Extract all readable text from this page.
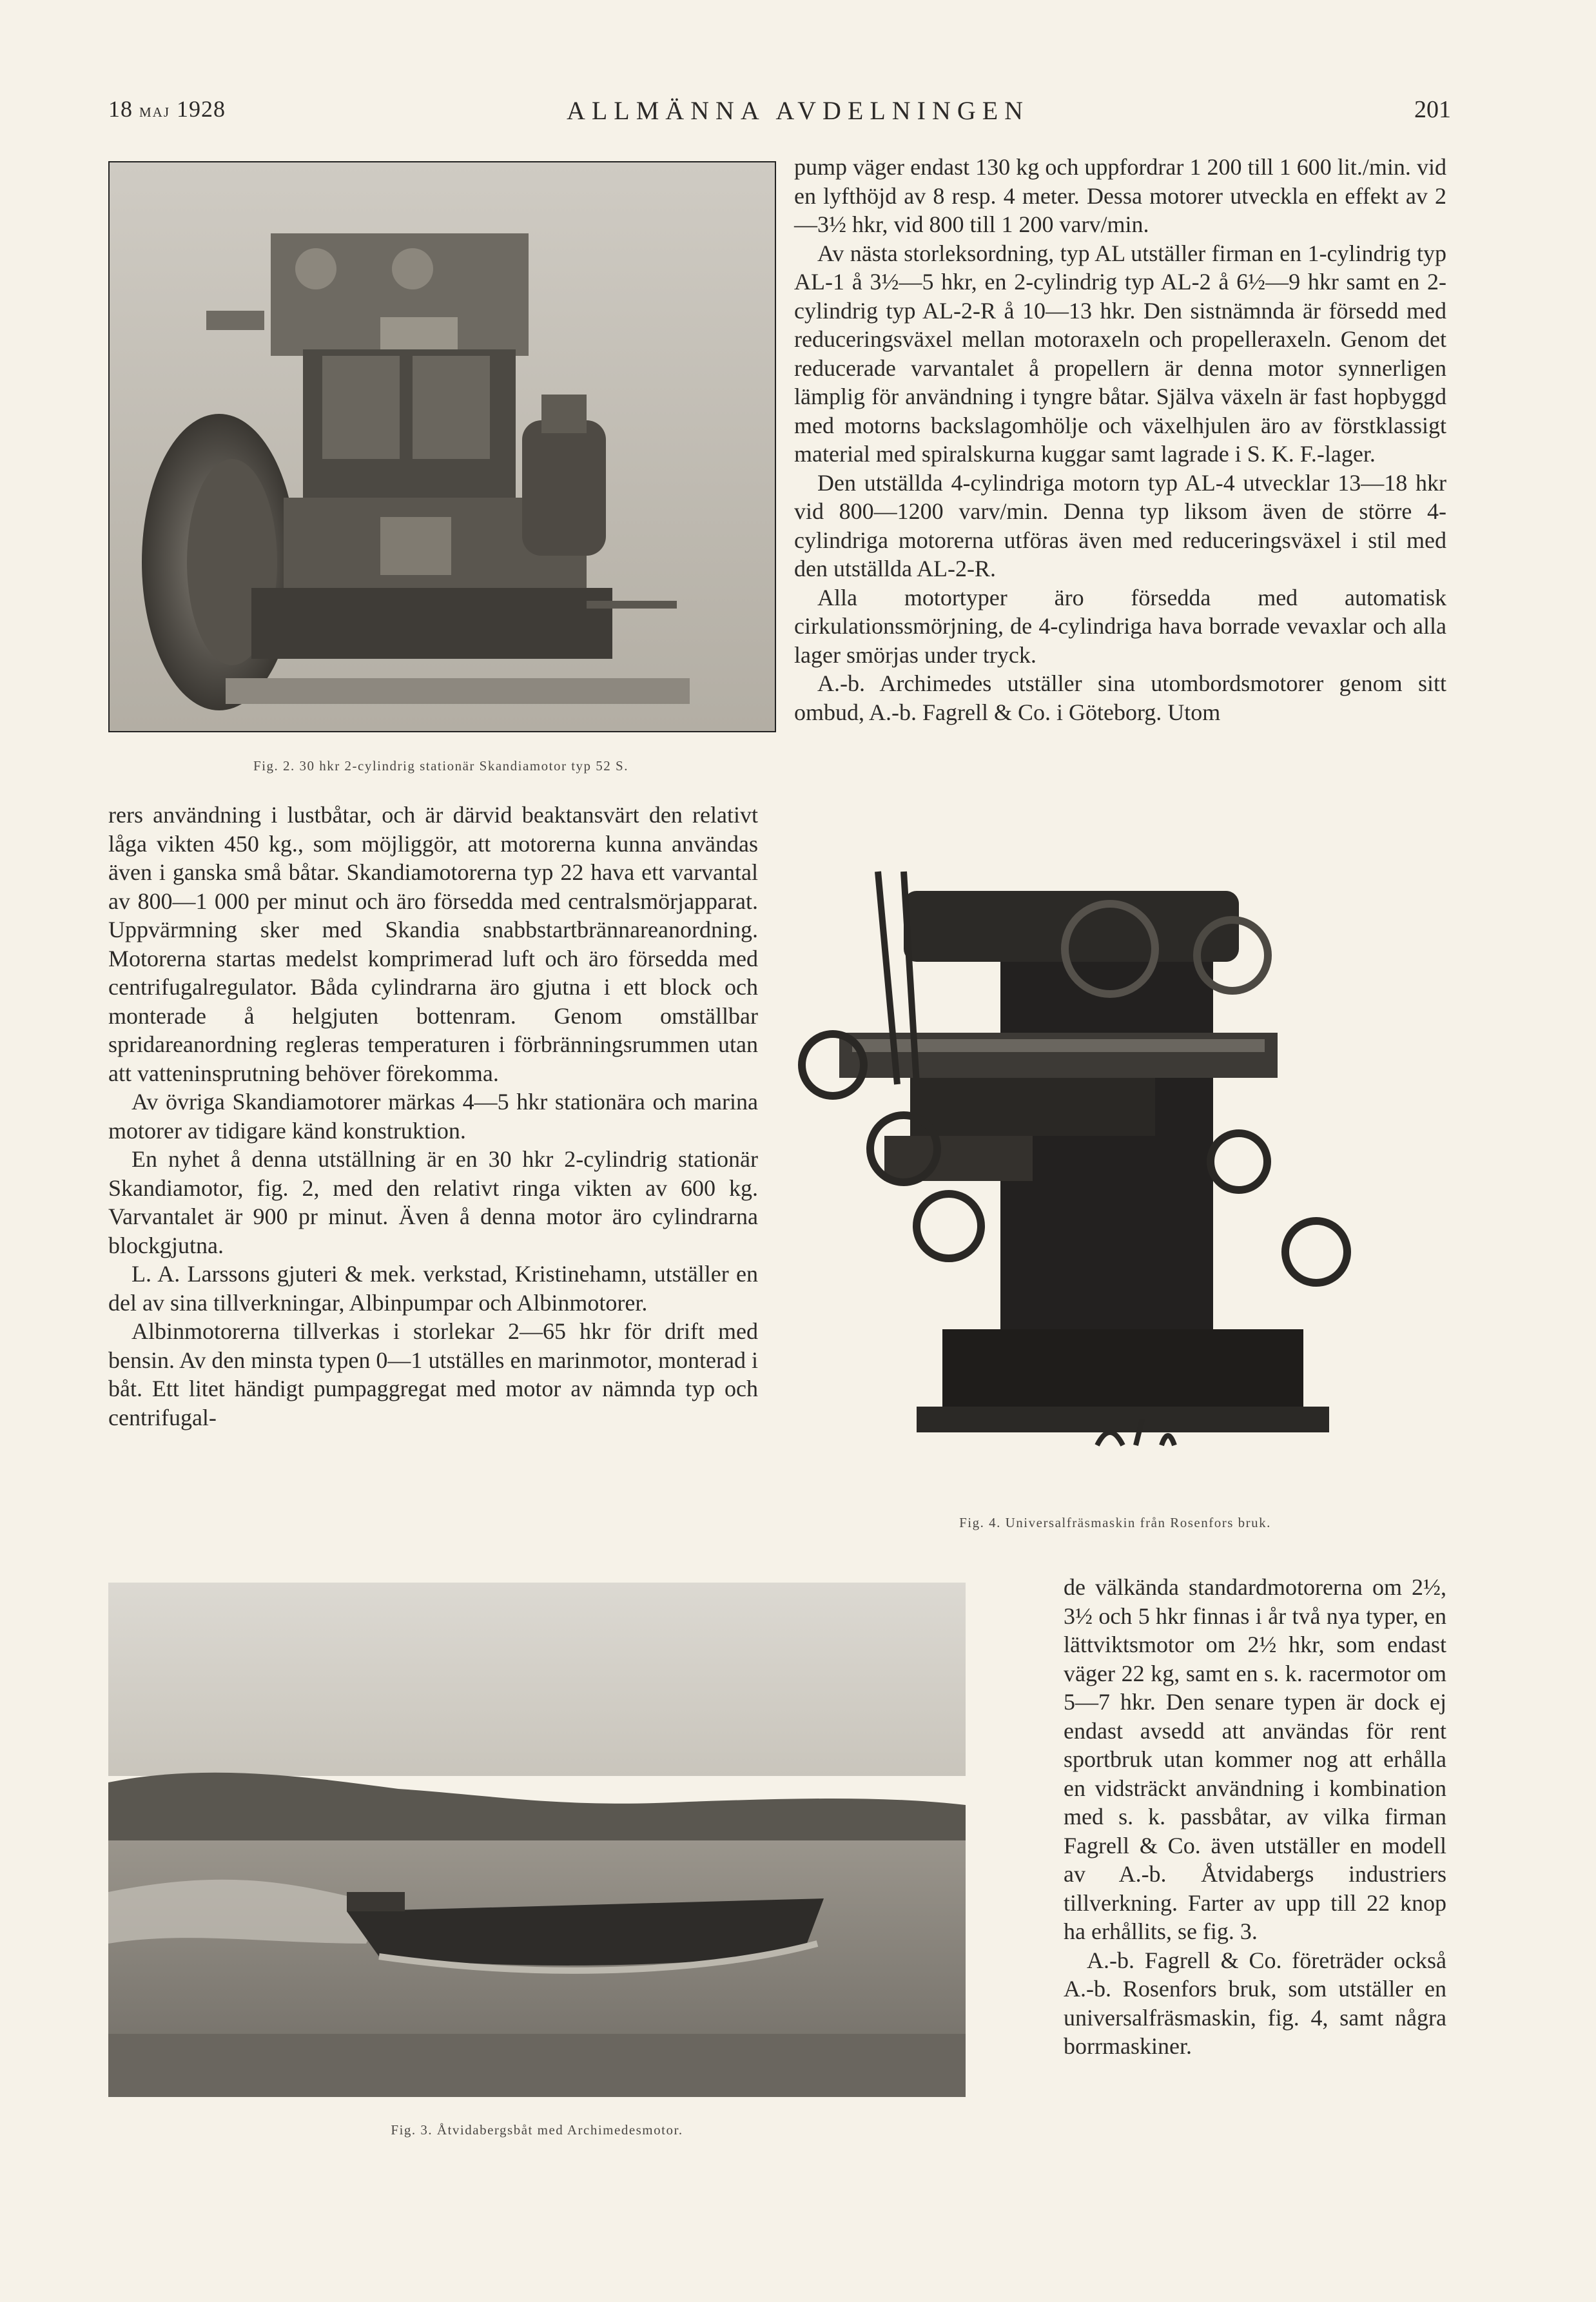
18 maj 1928	ALLMÄNNA AVDELNINGEN	201
Fig. 2. 30 hkr 2-cylindrig stationär Skandiamotor typ 52 S.

rers användning i lustbåtar, och är därvid beaktansvärt den relativt låga vikten 450 kg., som möjliggör, att motorerna kunna användas även i ganska små båtar. Skandiamotorerna typ 22 hava ett varvantal av 800—1 000 per minut och äro försedda med centralsmörjapparat. Uppvärmning sker med Skandia snabbstartbrännareanordning. Motorerna startas medelst komprimerad luft och äro försedda med centrifugalregulator. Båda cylindrarna äro gjutna i ett block och monterade å helgjuten bottenram. Genom omställbar spridareanordning regleras temperaturen i förbränningsrummen utan att vatteninsprutning behöver förekomma.

Av övriga Skandiamotorer märkas 4—5 hkr stationära och marina motorer av tidigare känd konstruktion.

En nyhet å denna utställning är en 30 hkr 2-cylindrig stationär Skandiamotor, fig. 2, med den relativt ringa vikten av 600 kg. Varvantalet är 900 pr minut. Även å denna motor äro cylindrarna blockgjutna.

L. A. Larssons gjuteri & mek. verkstad, Kristinehamn, utställer en del av sina tillverkningar, Albinpumpar och Albinmotorer.

Albinmotorerna tillverkas i storlekar 2—65 hkr för drift med bensin. Av den minsta typen 0—1 utställes en marinmotor, monterad i båt. Ett litet händigt pumpaggregat med motor av nämnda typ och centrifugal-

pump väger endast 130 kg och uppfordrar 1 200 till 1 600 lit./min. vid en lyfthöjd av 8 resp. 4 meter. Dessa motorer utveckla en effekt av 2—3½ hkr, vid 800 till 1 200 varv/min.

Av nästa storleksordning, typ AL utställer firman en 1-cylindrig typ AL-1 å 3½—5 hkr, en 2-cylindrig typ AL-2 å 6½—9 hkr samt en 2-cylindrig typ AL-2-R å 10—13 hkr. Den sistnämnda är försedd med reduceringsväxel mellan motoraxeln och propelleraxeln. Genom det reducerade varvantalet å propellern är denna motor synnerligen lämplig för användning i tyngre båtar. Själva växeln är fast hopbyggd med motorns backslagomhölje och växelhjulen äro av förstklassigt material med spiralskurna kuggar samt lagrade i S. K. F.-lager.

Den utställda 4-cylindriga motorn typ AL-4 utvecklar 13—18 hkr vid 800—1200 varv/min. Denna typ liksom även de större 4-cylindriga motorerna utföras även med reduceringsväxel i stil med den utställda AL-2-R.

Alla motortyper äro försedda med automatisk cirkulationssmörjning, de 4-cylindriga hava borrade vevaxlar och alla lager smörjas under tryck.

A.-b. Archimedes utställer sina utombordsmotorer genom sitt ombud, A.-b. Fagrell & Co. i Göteborg. Utom

Fig. 4. Universalfräsmaskin från Rosenfors bruk.
Fig. 3. Åtvidabergsbåt med Archimedesmotor.

de välkända standardmotorerna om 2½, 3½ och 5 hkr finnas i år två nya typer, en lättviktsmotor om 2½ hkr, som endast väger 22 kg, samt en s. k. racermotor om 5—7 hkr. Den senare typen är dock ej endast avsedd att användas för rent sportbruk utan kommer nog att erhålla en vidsträckt användning i kombination med s. k. passbåtar, av vilka firman Fagrell & Co. även utställer en modell av A.-b. Åtvidabergs industriers tillverkning. Farter av upp till 22 knop ha erhållits, se fig. 3.

A.-b. Fagrell & Co. företräder också A.-b. Rosenfors bruk, som utställer en universalfräsmaskin, fig. 4, samt några borrmaskiner.
